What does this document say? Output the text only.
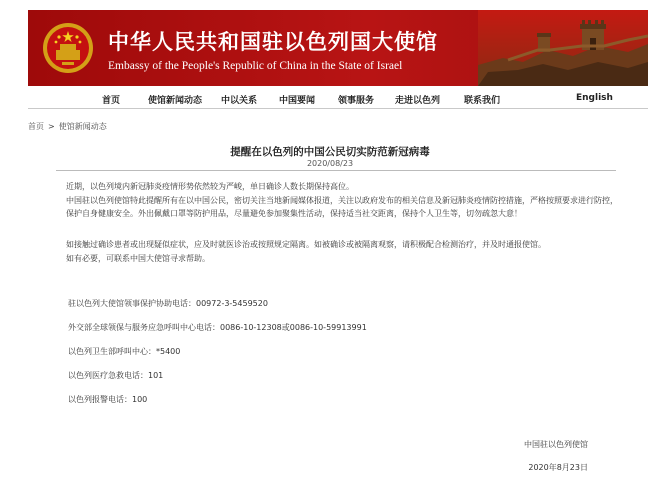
中华人民共和国驻以色列国大使馆
Embassy of the People's Republic of China in the State of Israel
首页	使馆新闻动态 中以关系 中国要闻	领事服务 走进以色列	联系我们	English
首页 > 使馆新闻动态
提醒在以色列的中国公民切实防范新冠病毒
2020/08/23
近期，以色列境内新冠肺炎疫情形势依然较为严峻，单日确诊人数长期保持高位。
中国驻以色列使馆特此提醒所有在以中国公民，密切关注当地新闻媒体报道，关注以政府发布的相关信息及新冠肺炎疫情防控措施，严格按照要求进行防控，保护自身健康安全。外出佩戴口罩等防护用品，尽量避免参加聚集性活动，保持适当社交距离，保持个人卫生等，切勿疏忽大意！
如接触过确诊患者或出现疑似症状，应及时就医诊治或按照规定隔离。如被确诊或被隔离观察，请积极配合检测治疗，并及时通报使馆。
如有必要，可联系中国大使馆寻求帮助。
驻以色列大使馆领事保护协助电话：00972-3-5459520
外交部全球领保与服务应急呼叫中心电话：0086-10-12308或0086-10-59913991
以色列卫生部呼叫中心：*5400
以色列医疗急救电话：101
以色列报警电话：100
中国驻以色列使馆
2020年8月23日
